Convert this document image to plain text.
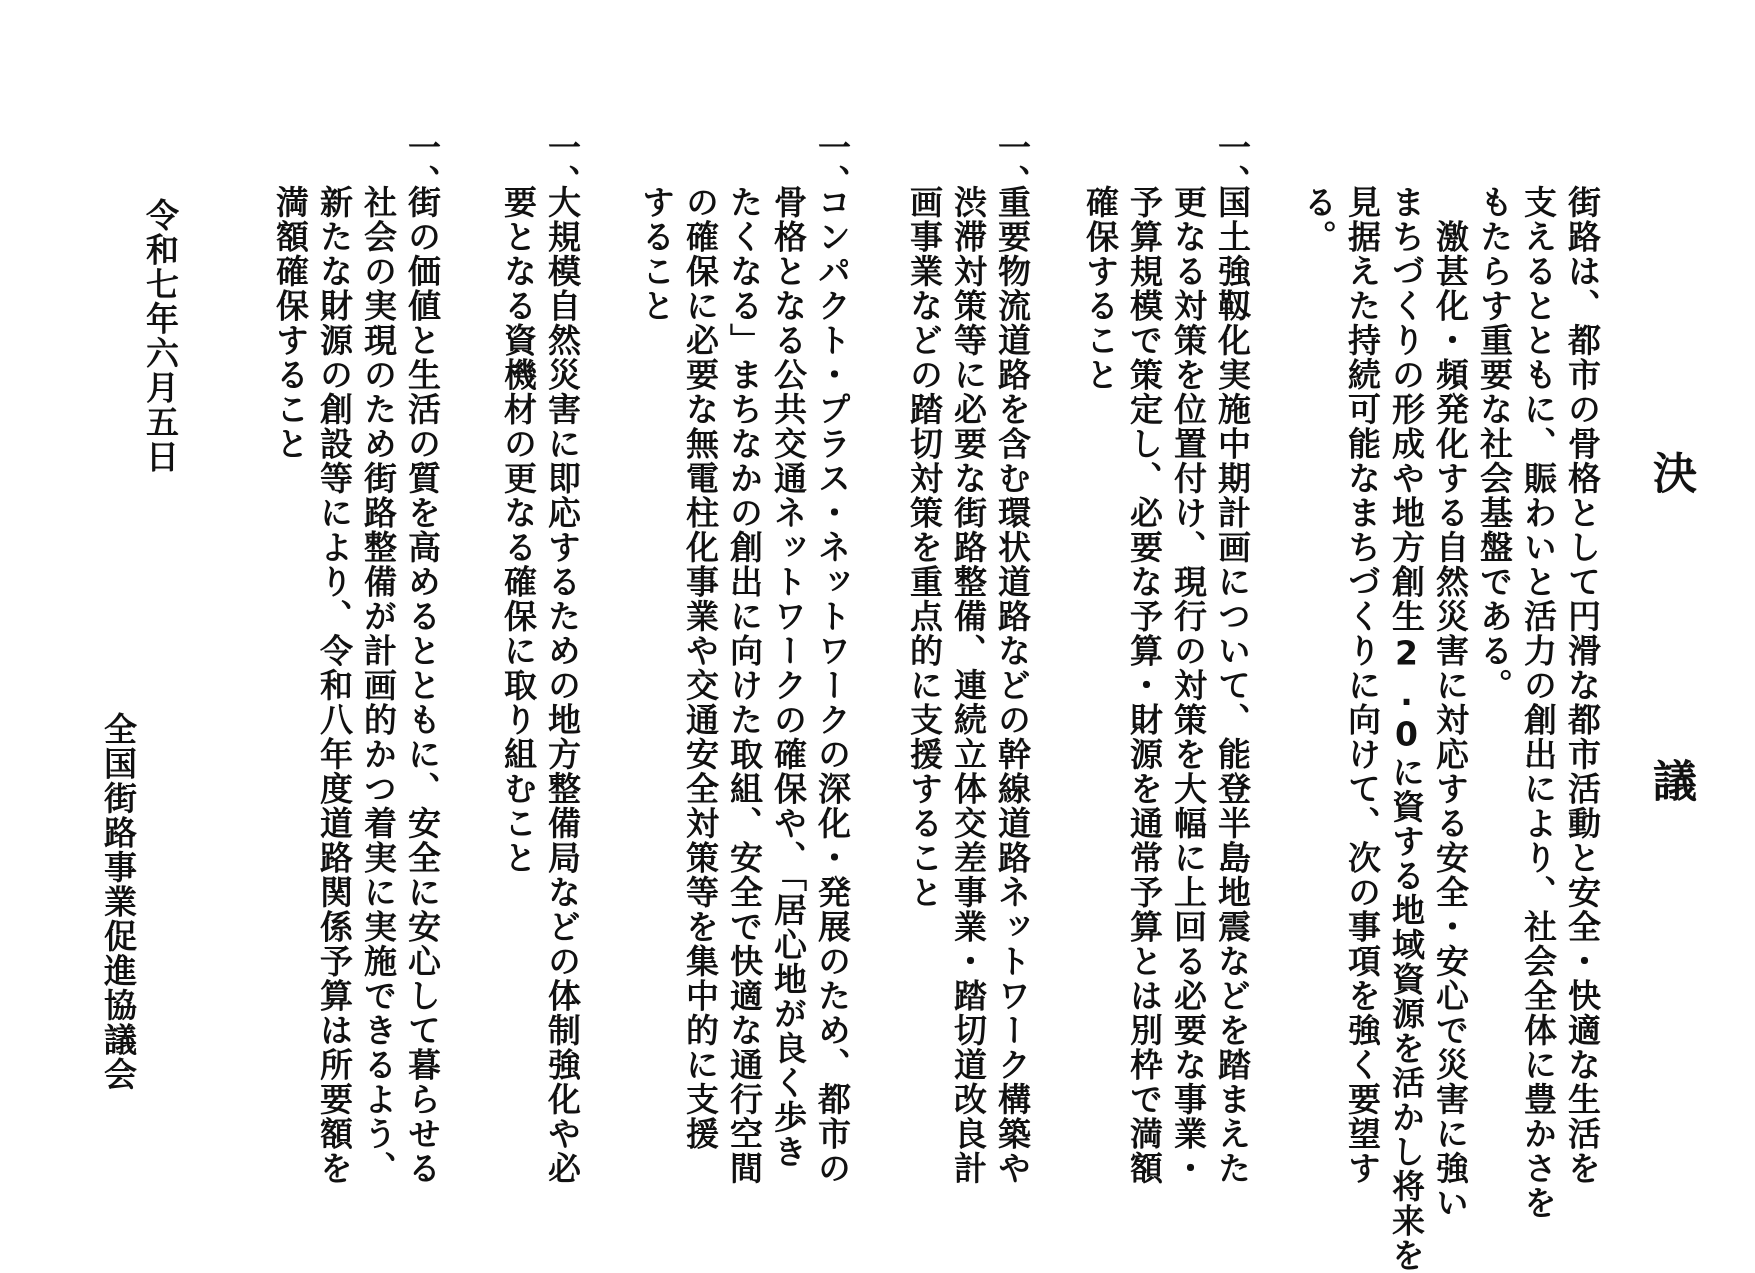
決　議
街路は、都市の骨格として円滑な都市活動と安全・快適な生活を
支えるとともに、賑わいと活力の創出により、社会全体に豊かさを
もたらす重要な社会基盤である。
　激甚化・頻発化する自然災害に対応する安全・安心で災害に強い
まちづくりの形成や地方創生2.0に資する地域資源を活かし将来を
見据えた持続可能なまちづくりに向けて、次の事項を強く要望す
る。
一、
国土強靱化実施中期計画について、能登半島地震などを踏まえた
更なる対策を位置付け、現行の対策を大幅に上回る必要な事業・
予算規模で策定し、必要な予算・財源を通常予算とは別枠で満額
確保すること
一、
重要物流道路を含む環状道路などの幹線道路ネットワーク構築や
渋滞対策等に必要な街路整備、連続立体交差事業・踏切道改良計
画事業などの踏切対策を重点的に支援すること
一、
コンパクト・プラス・ネットワークの深化・発展のため、都市の
骨格となる公共交通ネットワークの確保や、「居心地が良く歩き
たくなる」まちなかの創出に向けた取組、安全で快適な通行空間
の確保に必要な無電柱化事業や交通安全対策等を集中的に支援
すること
一、
大規模自然災害に即応するための地方整備局などの体制強化や必
要となる資機材の更なる確保に取り組むこと
一、
街の価値と生活の質を高めるとともに、安全に安心して暮らせる
社会の実現のため街路整備が計画的かつ着実に実施できるよう、
新たな財源の創設等により、令和八年度道路関係予算は所要額を
満額確保すること
令和七年六月五日
全国街路事業促進協議会
